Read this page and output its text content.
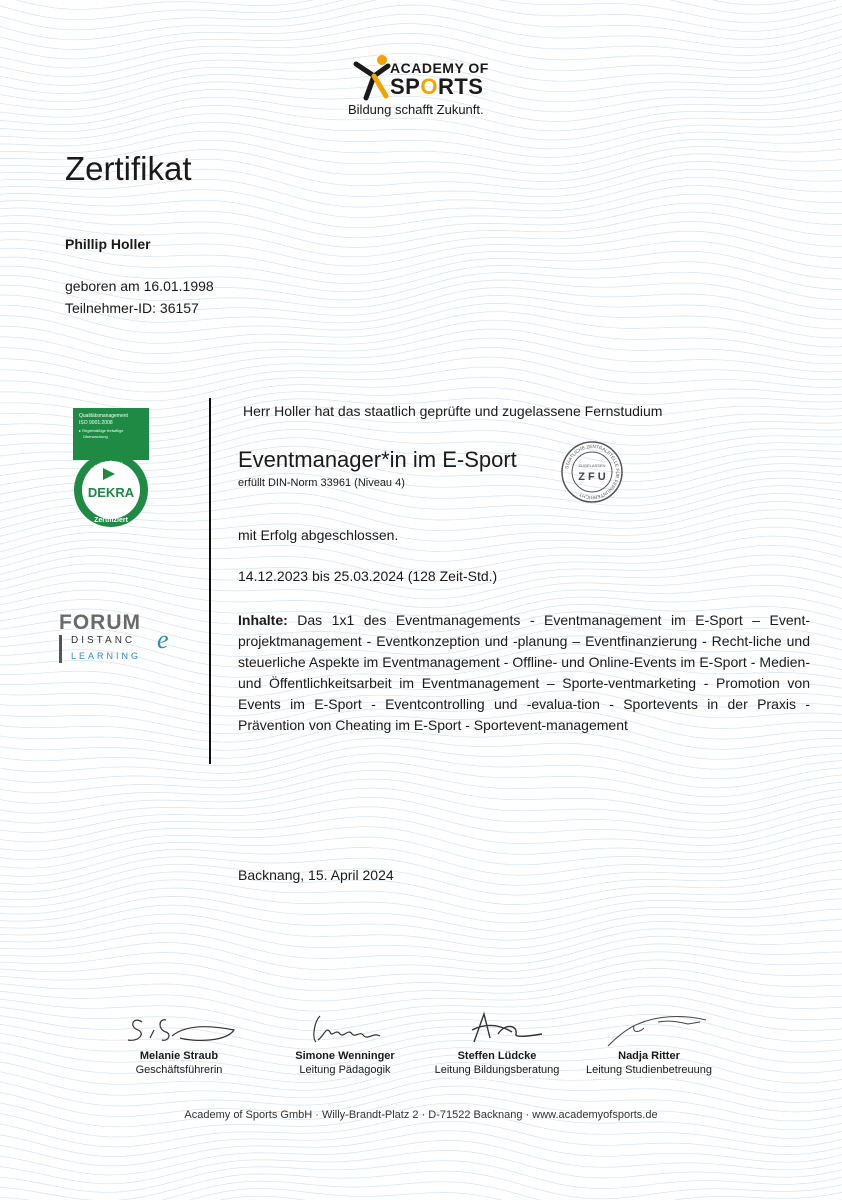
ACADEMY OF
SPORTS
Bildung schafft Zukunft.
Zertifikat
Phillip Holler
geboren am 16.01.1998
Teilnehmer-ID: 36157
Qualitätsmanagement
ISO 9001:2008
▸ Regelmäßige freiwillige
Überwachung
DEKRA Certificate
DEKRA
Zertifiziert
FORUM
DISTANC e
LEARNING
Herr Holler hat das staatlich geprüfte und zugelassene Fernstudium
Eventmanager*in im E-Sport
erfüllt DIN-Norm 33961 (Niveau 4)
STAATLICHE ZENTRALSTELLE FÜR FERNUNTERRICHT
ZUGELASSEN
Z F U
mit Erfolg abgeschlossen.
14.12.2023 bis 25.03.2024 (128 Zeit-Std.)
Inhalte: Das 1x1 des Eventmanagements - Eventmanagement im E-Sport – Event-projektmanagement - Eventkonzeption und -planung – Eventfinanzierung - Recht-liche und steuerliche Aspekte im Eventmanagement - Offline- und Online-Events im E-Sport - Medien- und Öffentlichkeitsarbeit im Eventmanagement – Sporte-ventmarketing - Promotion von Events im E-Sport - Eventcontrolling und -evalua-tion - Sportevents in der Praxis - Prävention von Cheating im E-Sport - Sportevent-management
Backnang, 15. April 2024
Melanie Straub
Geschäftsführerin
Simone Wenninger
Leitung Pädagogik
Steffen Lüdcke
Leitung Bildungsberatung
Nadja Ritter
Leitung Studienbetreuung
Academy of Sports GmbH · Willy-Brandt-Platz 2 · D-71522 Backnang · www.academyofsports.de
